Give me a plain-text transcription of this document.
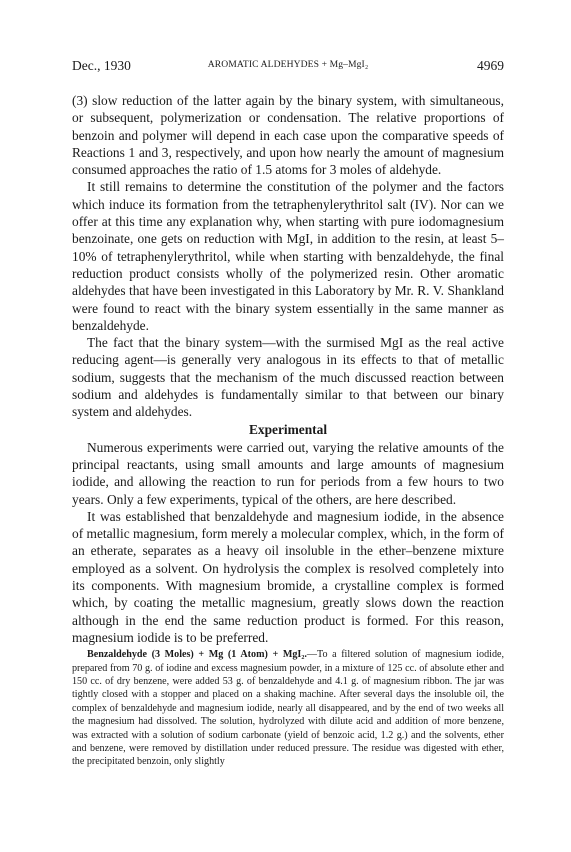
Dec., 1930	AROMATIC ALDEHYDES + Mg–MgI₂	4969

(3) slow reduction of the latter again by the binary system, with simultaneous, or subsequent, polymerization or condensation. The relative proportions of benzoin and polymer will depend in each case upon the comparative speeds of Reactions 1 and 3, respectively, and upon how nearly the amount of magnesium consumed approaches the ratio of 1.5 atoms for 3 moles of aldehyde.

It still remains to determine the constitution of the polymer and the factors which induce its formation from the tetraphenylerythritol salt (IV). Nor can we offer at this time any explanation why, when starting with pure iodomagnesium benzoinate, one gets on reduction with MgI, in addition to the resin, at least 5–10% of tetraphenylerythritol, while when starting with benzaldehyde, the final reduction product consists wholly of the polymerized resin. Other aromatic aldehydes that have been investigated in this Laboratory by Mr. R. V. Shankland were found to react with the binary system essentially in the same manner as benzaldehyde.

The fact that the binary system—with the surmised MgI as the real active reducing agent—is generally very analogous in its effects to that of metallic sodium, suggests that the mechanism of the much discussed reaction between sodium and aldehydes is fundamentally similar to that between our binary system and aldehydes.

Experimental

Numerous experiments were carried out, varying the relative amounts of the principal reactants, using small amounts and large amounts of magnesium iodide, and allowing the reaction to run for periods from a few hours to two years. Only a few experiments, typical of the others, are here described.

It was established that benzaldehyde and magnesium iodide, in the absence of metallic magnesium, form merely a molecular complex, which, in the form of an etherate, separates as a heavy oil insoluble in the ether–benzene mixture employed as a solvent. On hydrolysis the complex is resolved completely into its components. With magnesium bromide, a crystalline complex is formed which, by coating the metallic magnesium, greatly slows down the reaction although in the end the same reduction product is formed. For this reason, magnesium iodide is to be preferred.

Benzaldehyde (3 Moles) + Mg (1 Atom) + MgI₂.—To a filtered solution of magnesium iodide, prepared from 70 g. of iodine and excess magnesium powder, in a mixture of 125 cc. of absolute ether and 150 cc. of dry benzene, were added 53 g. of benzaldehyde and 4.1 g. of magnesium ribbon. The jar was tightly closed with a stopper and placed on a shaking machine. After several days the insoluble oil, the complex of benzaldehyde and magnesium iodide, nearly all disappeared, and by the end of two weeks all the magnesium had dissolved. The solution, hydrolyzed with dilute acid and addition of more benzene, was extracted with a solution of sodium carbonate (yield of benzoic acid, 1.2 g.) and the solvents, ether and benzene, were removed by distillation under reduced pressure. The residue was digested with ether, the precipitated benzoin, only slightly
